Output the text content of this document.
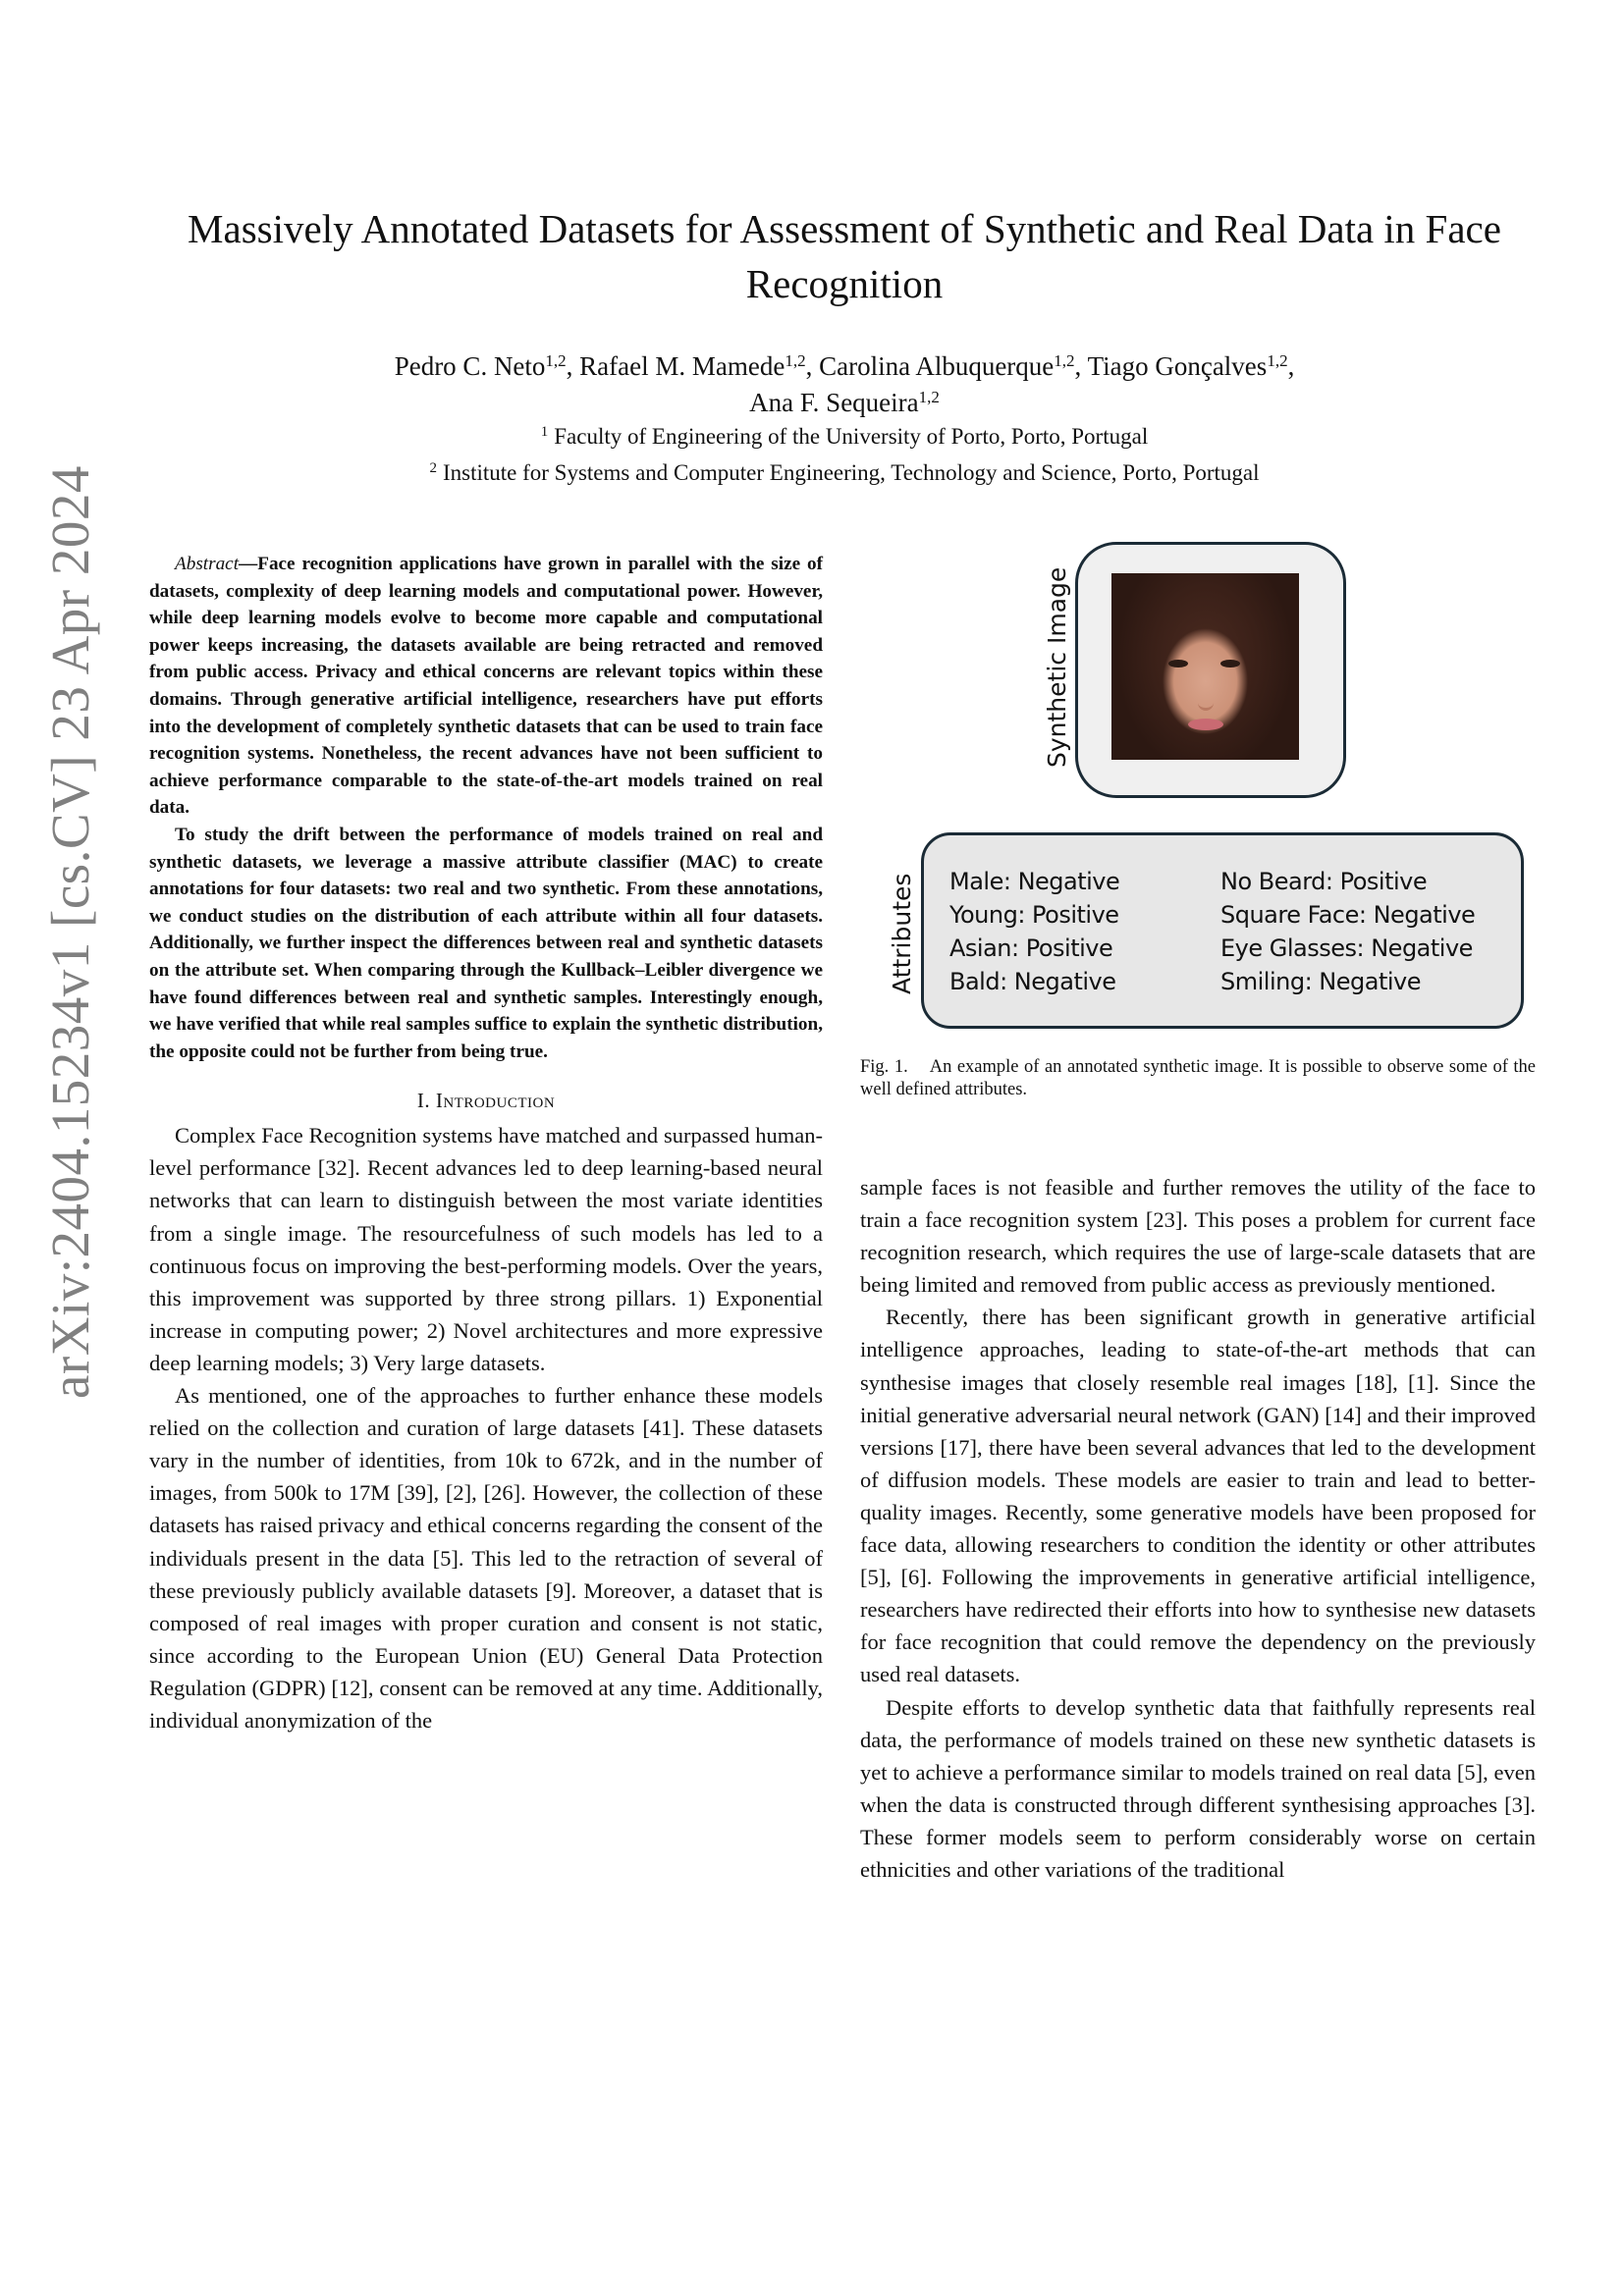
arXiv:2404.15234v1 [cs.CV] 23 Apr 2024
Massively Annotated Datasets for Assessment of Synthetic and Real Data in Face Recognition
Pedro C. Neto$^{1,2}$, Rafael M. Mamede$^{1,2}$, Carolina Albuquerque$^{1,2}$, Tiago Gonçalves$^{1,2}$,
Ana F. Sequeira$^{1,2}$
$^1$ Faculty of Engineering of the University of Porto, Porto, Portugal
$^2$ Institute for Systems and Computer Engineering, Technology and Science, Porto, Portugal

Abstract—Face recognition applications have grown in parallel with the size of datasets, complexity of deep learning models and computational power. However, while deep learning models evolve to become more capable and computational power keeps increasing, the datasets available are being retracted and removed from public access. Privacy and ethical concerns are relevant topics within these domains. Through generative artificial intelligence, researchers have put efforts into the development of completely synthetic datasets that can be used to train face recognition systems. Nonetheless, the recent advances have not been sufficient to achieve performance comparable to the state-of-the-art models trained on real data.

To study the drift between the performance of models trained on real and synthetic datasets, we leverage a massive attribute classifier (MAC) to create annotations for four datasets: two real and two synthetic. From these annotations, we conduct studies on the distribution of each attribute within all four datasets. Additionally, we further inspect the differences between real and synthetic datasets on the attribute set. When comparing through the Kullback–Leibler divergence we have found differences between real and synthetic samples. Interestingly enough, we have verified that while real samples suffice to explain the synthetic distribution, the opposite could not be further from being true.

I. Introduction

Complex Face Recognition systems have matched and surpassed human-level performance [32]. Recent advances led to deep learning-based neural networks that can learn to distinguish between the most variate identities from a single image. The resourcefulness of such models has led to a continuous focus on improving the best-performing models. Over the years, this improvement was supported by three strong pillars. 1) Exponential increase in computing power; 2) Novel architectures and more expressive deep learning models; 3) Very large datasets.

As mentioned, one of the approaches to further enhance these models relied on the collection and curation of large datasets [41]. These datasets vary in the number of identities, from 10k to 672k, and in the number of images, from 500k to 17M [39], [2], [26]. However, the collection of these datasets has raised privacy and ethical concerns regarding the consent of the individuals present in the data [5]. This led to the retraction of several of these previously publicly available datasets [9]. Moreover, a dataset that is composed of real images with proper curation and consent is not static, since according to the European Union (EU) General Data Protection Regulation (GDPR) [12], consent can be removed at any time. Additionally, individual anonymization of the

Synthetic Image
Attributes Male: Negative
Young: Positive
Asian: Positive
Bald: Negative
No Beard: Positive
Square Face: Negative
Eye Glasses: Negative
Smiling: Negative
Fig. 1. An example of an annotated synthetic image. It is possible to observe some of the well defined attributes.

sample faces is not feasible and further removes the utility of the face to train a face recognition system [23]. This poses a problem for current face recognition research, which requires the use of large-scale datasets that are being limited and removed from public access as previously mentioned.

Recently, there has been significant growth in generative artificial intelligence approaches, leading to state-of-the-art methods that can synthesise images that closely resemble real images [18], [1]. Since the initial generative adversarial neural network (GAN) [14] and their improved versions [17], there have been several advances that led to the development of diffusion models. These models are easier to train and lead to better-quality images. Recently, some generative models have been proposed for face data, allowing researchers to condition the identity or other attributes [5], [6]. Following the improvements in generative artificial intelligence, researchers have redirected their efforts into how to synthesise new datasets for face recognition that could remove the dependency on the previously used real datasets.

Despite efforts to develop synthetic data that faithfully represents real data, the performance of models trained on these new synthetic datasets is yet to achieve a performance similar to models trained on real data [5], even when the data is constructed through different synthesising approaches [3]. These former models seem to perform considerably worse on certain ethnicities and other variations of the traditional
